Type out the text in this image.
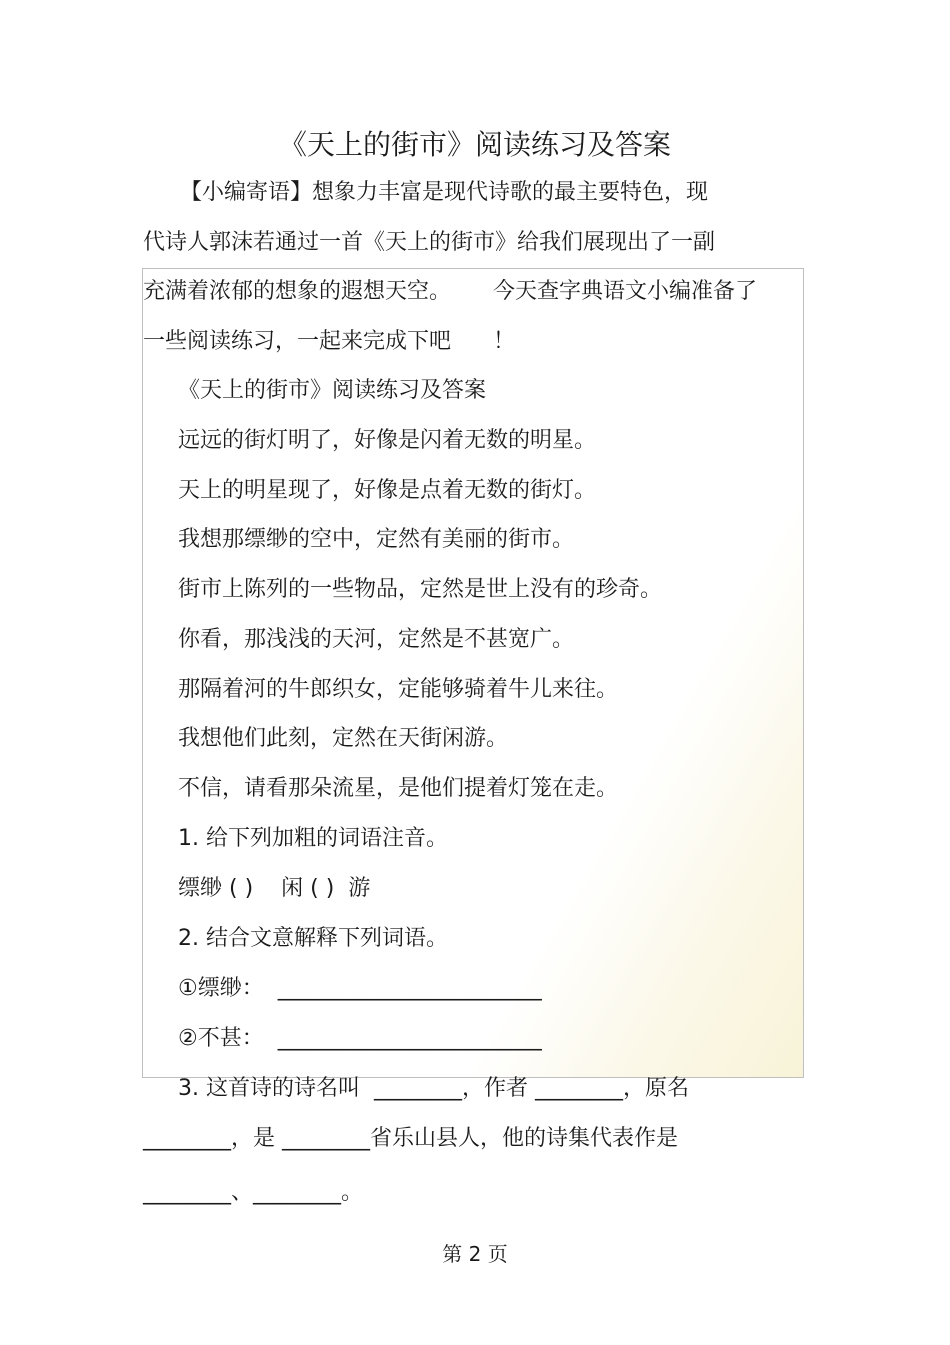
《天上的街市》阅读练习及答案
【小编寄语】想象力丰富是现代诗歌的最主要特色，现
代诗人郭沫若通过一首《天上的街市》给我们展现出了一副
充满着浓郁的想象的遐想天空。      今天查字典语文小编准备了
一些阅读练习，一起来完成下吧      ！
《天上的街市》阅读练习及答案
远远的街灯明了，好像是闪着无数的明星。
天上的明星现了，好像是点着无数的街灯。
我想那缥缈的空中，定然有美丽的街市。
街市上陈列的一些物品，定然是世上没有的珍奇。
你看，那浅浅的天河，定然是不甚宽广。
那隔着河的牛郎织女，定能够骑着牛儿来往。
我想他们此刻，定然在天街闲游。
不信，请看那朵流星，是他们提着灯笼在走。
1. 给下列加粗的词语注音。
缥缈 ( )    闲 ( )  游
2. 结合文意解释下列词语。
①缥缈：  ________________________
②不甚：  ________________________
3. 这首诗的诗名叫  ________，作者 ________，原名
________，是 ________省乐山县人，他的诗集代表作是
________、________。
第 2 页
